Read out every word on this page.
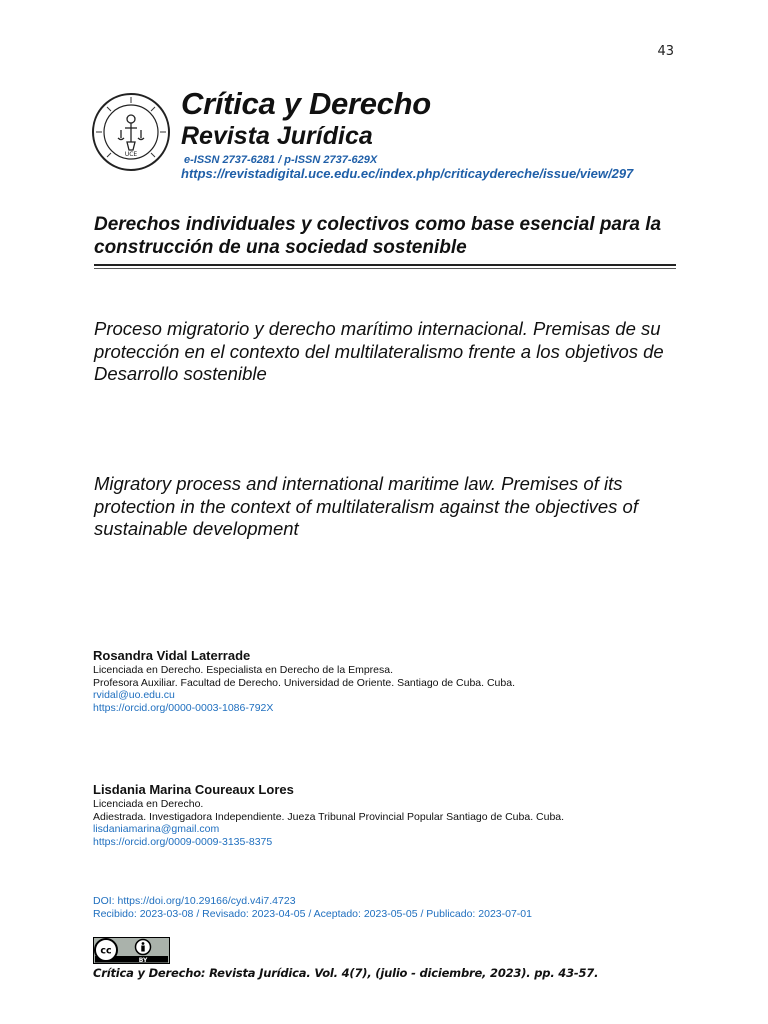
43
UCE
Crítica y Derecho
Revista Jurídica
e-ISSN 2737-6281 / p-ISSN 2737-629X
https://revistadigital.uce.edu.ec/index.php/criticaydereche/issue/view/297
Derechos individuales y colectivos como base esencial para la construcción de una sociedad sostenible
Proceso migratorio y derecho marítimo internacional. Premisas de su protección en el contexto del multilateralismo frente a los objetivos de Desarrollo sostenible
Migratory process and international maritime law. Premises of its protection in the context of multilateralism against the objectives of sustainable development
Rosandra Vidal Laterrade
Licenciada en Derecho. Especialista en Derecho de la Empresa.
Profesora Auxiliar. Facultad de Derecho. Universidad de Oriente. Santiago de Cuba. Cuba.
rvidal@uo.edu.cu
https://orcid.org/0000-0003-1086-792X
Lisdania Marina Coureaux Lores
Licenciada en Derecho.
Adiestrada. Investigadora Independiente. Jueza Tribunal Provincial Popular Santiago de Cuba. Cuba.
lisdaniamarina@gmail.com
https://orcid.org/0009-0009-3135-8375
DOI: https://doi.org/10.29166/cyd.v4i7.4723
Recibido: 2023-03-08 / Revisado: 2023-04-05 / Aceptado: 2023-05-05 / Publicado: 2023-07-01
cc
BY
Crítica y Derecho: Revista Jurídica. Vol. 4(7), (julio - diciembre, 2023). pp. 43-57.
